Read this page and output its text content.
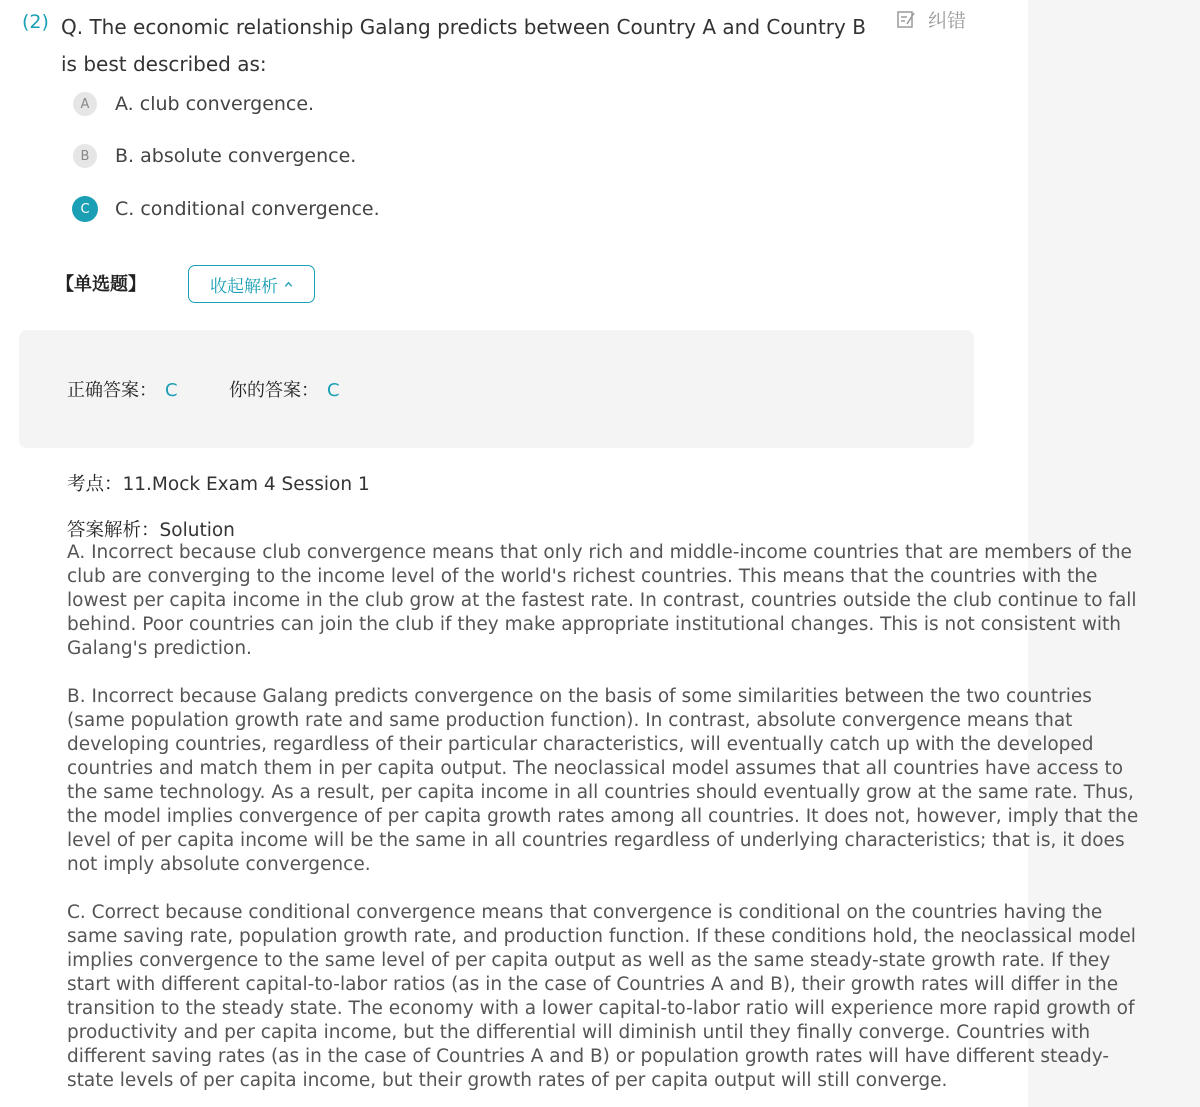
(2) Q. The economic relationship Galang predicts between Country A and Country B is best described as:
纠错
A	A. club convergence.
B	B. absolute convergence.
C	C. conditional convergence.
【单选题】	收起解析
正确答案： C	你的答案： C
考点：11.Mock Exam 4 Session 1
答案解析：Solution

A. Incorrect because club convergence means that only rich and middle-income countries that are members of the club are converging to the income level of the world's richest countries. This means that the countries with the lowest per capita income in the club grow at the fastest rate. In contrast, countries outside the club continue to fall behind. Poor countries can join the club if they make appropriate institutional changes. This is not consistent with Galang's prediction.

B. Incorrect because Galang predicts convergence on the basis of some similarities between the two countries (same population growth rate and same production function). In contrast, absolute convergence means that developing countries, regardless of their particular characteristics, will eventually catch up with the developed countries and match them in per capita output. The neoclassical model assumes that all countries have access to the same technology. As a result, per capita income in all countries should eventually grow at the same rate. Thus, the model implies convergence of per capita growth rates among all countries. It does not, however, imply that the level of per capita income will be the same in all countries regardless of underlying characteristics; that is, it does not imply absolute convergence.

C. Correct because conditional convergence means that convergence is conditional on the countries having the same saving rate, population growth rate, and production function. If these conditions hold, the neoclassical model implies convergence to the same level of per capita output as well as the same steady-state growth rate. If they start with different capital-to-labor ratios (as in the case of Countries A and B), their growth rates will differ in the transition to the steady state. The economy with a lower capital-to-labor ratio will experience more rapid growth of productivity and per capita income, but the differential will diminish until they finally converge. Countries with different saving rates (as in the case of Countries A and B) or population growth rates will have different steady-state levels of per capita income, but their growth rates of per capita output will still converge.
